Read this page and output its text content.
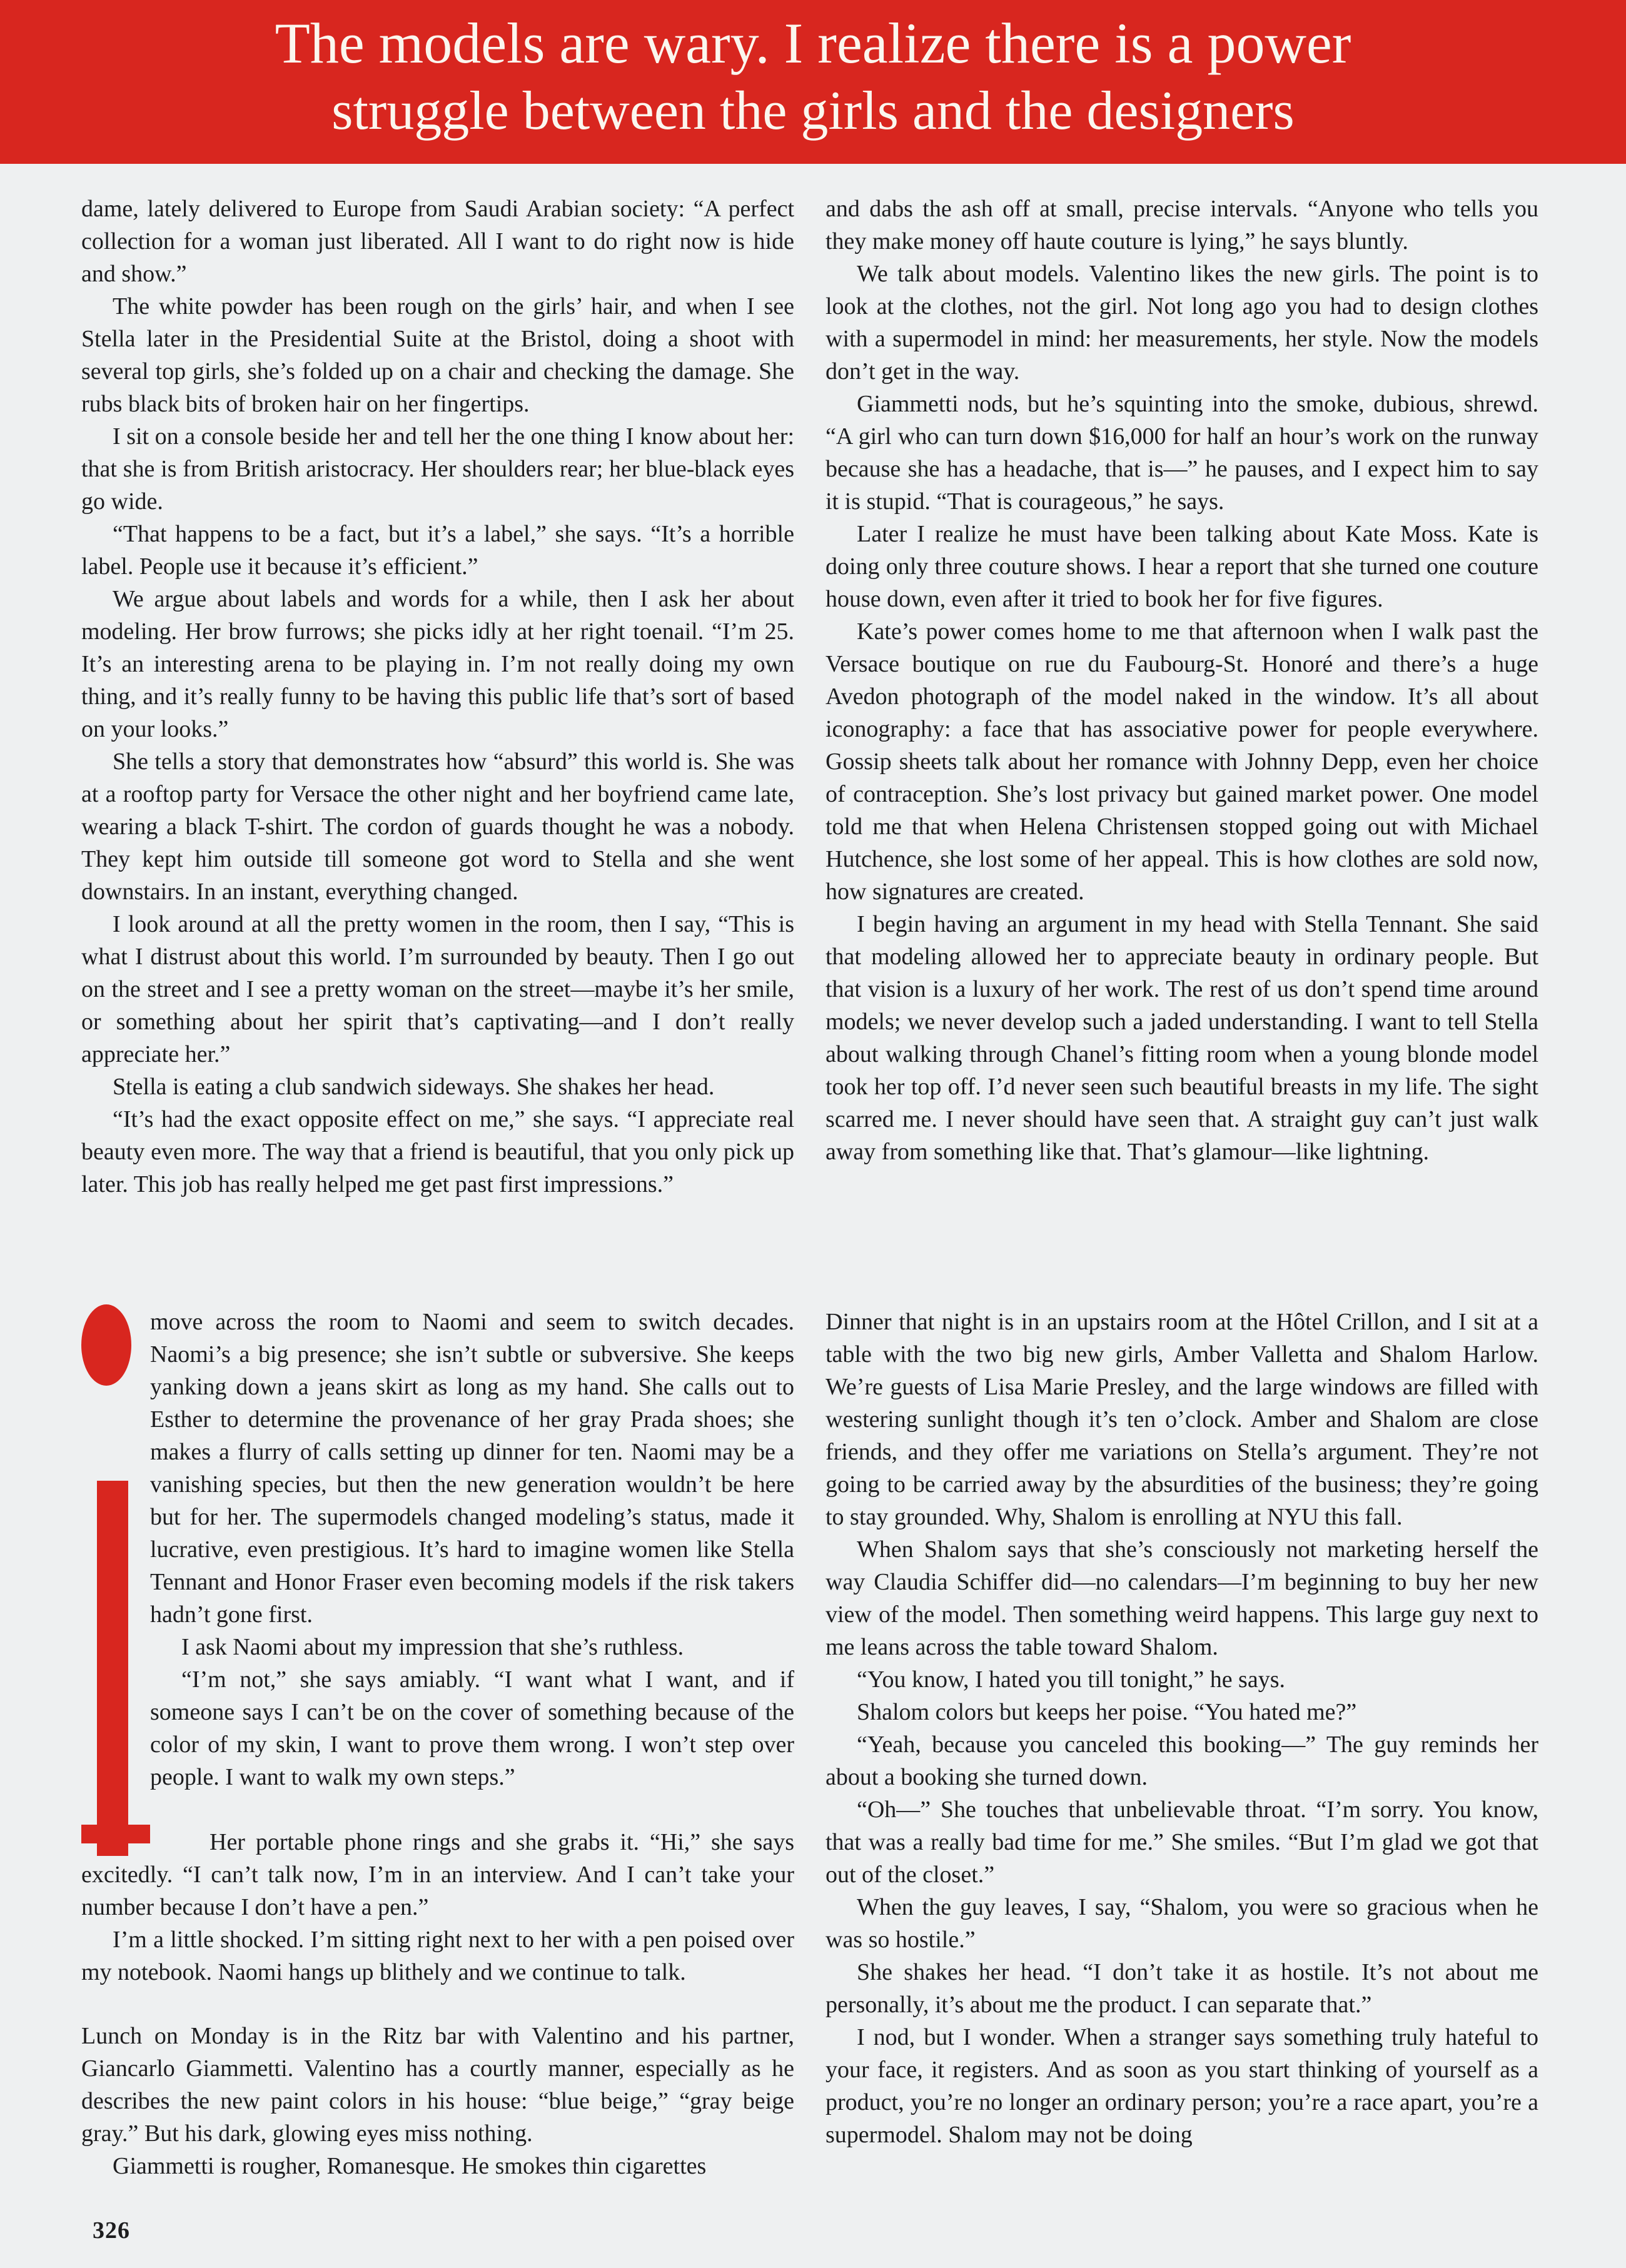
The models are wary. I realize there is a power
struggle between the girls and the designers

dame, lately delivered to Europe from Saudi Arabian society: “A perfect collection for a woman just liberated. All I want to do right now is hide and show.”

The white powder has been rough on the girls’ hair, and when I see Stella later in the Presidential Suite at the Bristol, doing a shoot with several top girls, she’s folded up on a chair and checking the damage. She rubs black bits of broken hair on her fingertips.

I sit on a console beside her and tell her the one thing I know about her: that she is from British aristocracy. Her shoulders rear; her blue-black eyes go wide.

“That happens to be a fact, but it’s a label,” she says. “It’s a horrible label. People use it because it’s efficient.”

We argue about labels and words for a while, then I ask her about modeling. Her brow furrows; she picks idly at her right toenail. “I’m 25. It’s an interesting arena to be playing in. I’m not really doing my own thing, and it’s really funny to be having this public life that’s sort of based on your looks.”

She tells a story that demonstrates how “absurd” this world is. She was at a rooftop party for Versace the other night and her boyfriend came late, wearing a black T-shirt. The cordon of guards thought he was a nobody. They kept him outside till someone got word to Stella and she went downstairs. In an instant, everything changed.

I look around at all the pretty women in the room, then I say, “This is what I distrust about this world. I’m surrounded by beauty. Then I go out on the street and I see a pretty woman on the street—maybe it’s her smile, or something about her spirit that’s captivating—and I don’t really appreciate her.”

Stella is eating a club sandwich sideways. She shakes her head.

“It’s had the exact opposite effect on me,” she says. “I appreciate real beauty even more. The way that a friend is beautiful, that you only pick up later. This job has really helped me get past first impressions.”

move across the room to Naomi and seem to switch decades. Naomi’s a big presence; she isn’t subtle or subversive. She keeps yanking down a jeans skirt as long as my hand. She calls out to Esther to determine the provenance of her gray Prada shoes; she makes a flurry of calls setting up dinner for ten. Naomi may be a vanishing species, but then the new generation wouldn’t be here but for her. The supermodels changed modeling’s status, made it lucrative, even prestigious. It’s hard to imagine women like Stella Tennant and Honor Fraser even becoming models if the risk takers hadn’t gone first.

I ask Naomi about my impression that she’s ruthless.

“I’m not,” she says amiably. “I want what I want, and if someone says I can’t be on the cover of something because of the color of my skin, I want to prove them wrong. I won’t step over people. I want to walk my own steps.”

Her portable phone rings and she grabs it. “Hi,” she says excitedly. “I can’t talk now, I’m in an interview. And I can’t take your number because I don’t have a pen.”

I’m a little shocked. I’m sitting right next to her with a pen poised over my notebook. Naomi hangs up blithely and we continue to talk.

Lunch on Monday is in the Ritz bar with Valentino and his partner, Giancarlo Giammetti. Valentino has a courtly manner, especially as he describes the new paint colors in his house: “blue beige,” “gray beige gray.” But his dark, glowing eyes miss nothing.

Giammetti is rougher, Romanesque. He smokes thin cigarettes

and dabs the ash off at small, precise intervals. “Anyone who tells you they make money off haute couture is lying,” he says bluntly.

We talk about models. Valentino likes the new girls. The point is to look at the clothes, not the girl. Not long ago you had to design clothes with a supermodel in mind: her measurements, her style. Now the models don’t get in the way.

Giammetti nods, but he’s squinting into the smoke, dubious, shrewd. “A girl who can turn down $16,000 for half an hour’s work on the runway because she has a headache, that is—” he pauses, and I expect him to say it is stupid. “That is courageous,” he says.

Later I realize he must have been talking about Kate Moss. Kate is doing only three couture shows. I hear a report that she turned one couture house down, even after it tried to book her for five figures.

Kate’s power comes home to me that afternoon when I walk past the Versace boutique on rue du Faubourg-St. Honoré and there’s a huge Avedon photograph of the model naked in the window. It’s all about iconography: a face that has associative power for people everywhere. Gossip sheets talk about her romance with Johnny Depp, even her choice of contraception. She’s lost privacy but gained market power. One model told me that when Helena Christensen stopped going out with Michael Hutchence, she lost some of her appeal. This is how clothes are sold now, how signatures are created.

I begin having an argument in my head with Stella Tennant. She said that modeling allowed her to appreciate beauty in ordinary people. But that vision is a luxury of her work. The rest of us don’t spend time around models; we never develop such a jaded understanding. I want to tell Stella about walking through Chanel’s fitting room when a young blonde model took her top off. I’d never seen such beautiful breasts in my life. The sight scarred me. I never should have seen that. A straight guy can’t just walk away from something like that. That’s glamour—like lightning.

Dinner that night is in an upstairs room at the Hôtel Crillon, and I sit at a table with the two big new girls, Amber Valletta and Shalom Harlow. We’re guests of Lisa Marie Presley, and the large windows are filled with westering sunlight though it’s ten o’clock. Amber and Shalom are close friends, and they offer me variations on Stella’s argument. They’re not going to be carried away by the absurdities of the business; they’re going to stay grounded. Why, Shalom is enrolling at NYU this fall.

When Shalom says that she’s consciously not marketing herself the way Claudia Schiffer did—no calendars—I’m beginning to buy her new view of the model. Then something weird happens. This large guy next to me leans across the table toward Shalom.

“You know, I hated you till tonight,” he says.

Shalom colors but keeps her poise. “You hated me?”

“Yeah, because you canceled this booking—” The guy reminds her about a booking she turned down.

“Oh—” She touches that unbelievable throat. “I’m sorry. You know, that was a really bad time for me.” She smiles. “But I’m glad we got that out of the closet.”

When the guy leaves, I say, “Shalom, you were so gracious when he was so hostile.”

She shakes her head. “I don’t take it as hostile. It’s not about me personally, it’s about me the product. I can separate that.”

I nod, but I wonder. When a stranger says something truly hateful to your face, it registers. And as soon as you start thinking of yourself as a product, you’re no longer an ordinary person; you’re a race apart, you’re a supermodel. Shalom may not be doing

326
